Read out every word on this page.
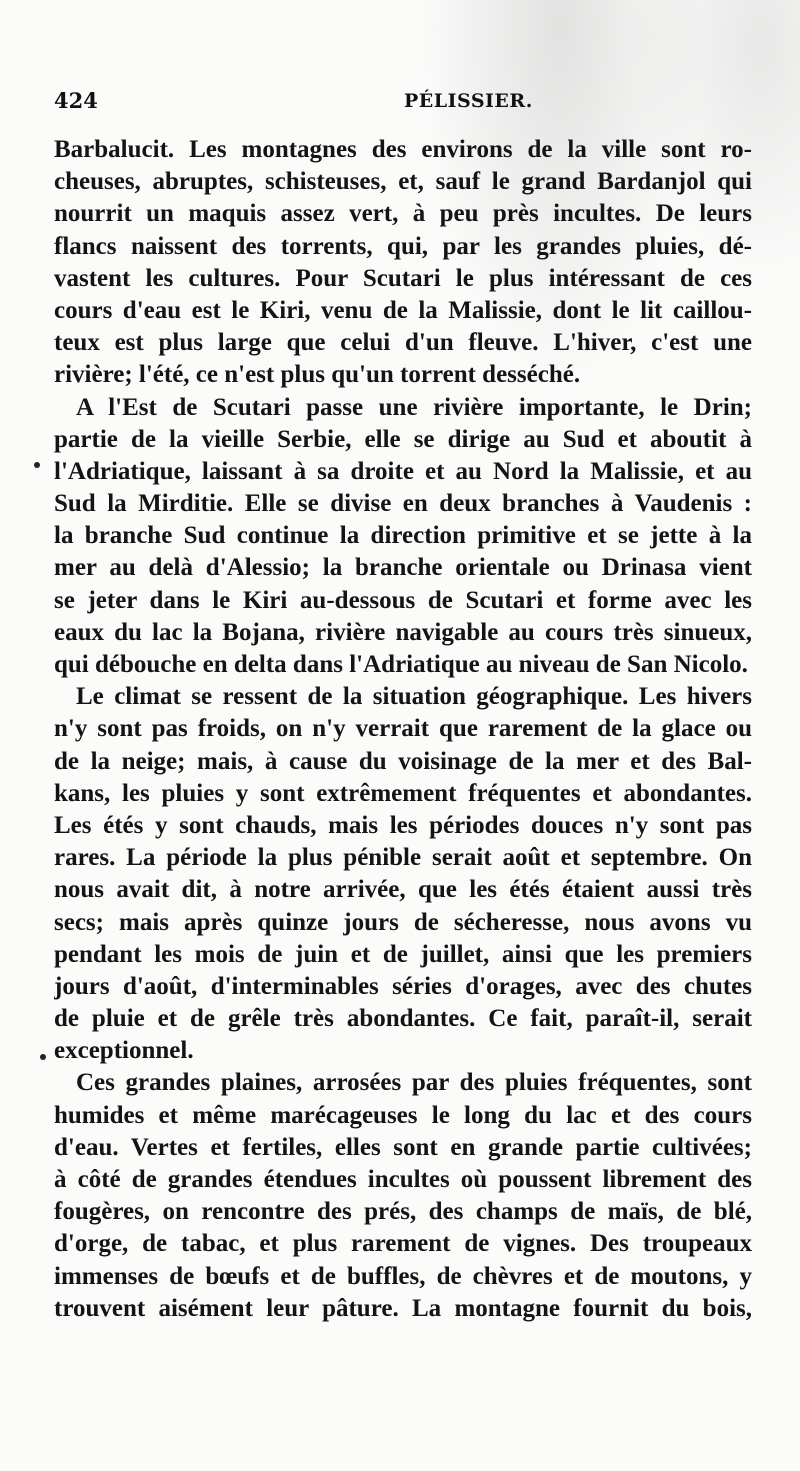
424	PÉLISSIER.
Barbalucit. Les montagnes des environs de la ville sont ro-
cheuses, abruptes, schisteuses, et, sauf le grand Bardanjol qui
nourrit un maquis assez vert, à peu près incultes. De leurs
flancs naissent des torrents, qui, par les grandes pluies, dé-
vastent les cultures. Pour Scutari le plus intéressant de ces
cours d'eau est le Kiri, venu de la Malissie, dont le lit caillou-
teux est plus large que celui d'un fleuve. L'hiver, c'est une
rivière; l'été, ce n'est plus qu'un torrent desséché.
A l'Est de Scutari passe une rivière importante, le Drin;
partie de la vieille Serbie, elle se dirige au Sud et aboutit à
l'Adriatique, laissant à sa droite et au Nord la Malissie, et au
Sud la Mirditie. Elle se divise en deux branches à Vaudenis :
la branche Sud continue la direction primitive et se jette à la
mer au delà d'Alessio; la branche orientale ou Drinasa vient
se jeter dans le Kiri au-dessous de Scutari et forme avec les
eaux du lac la Bojana, rivière navigable au cours très sinueux,
qui débouche en delta dans l'Adriatique au niveau de San Nicolo.
Le climat se ressent de la situation géographique. Les hivers
n'y sont pas froids, on n'y verrait que rarement de la glace ou
de la neige; mais, à cause du voisinage de la mer et des Bal-
kans, les pluies y sont extrêmement fréquentes et abondantes.
Les étés y sont chauds, mais les périodes douces n'y sont pas
rares. La période la plus pénible serait août et septembre. On
nous avait dit, à notre arrivée, que les étés étaient aussi très
secs; mais après quinze jours de sécheresse, nous avons vu
pendant les mois de juin et de juillet, ainsi que les premiers
jours d'août, d'interminables séries d'orages, avec des chutes
de pluie et de grêle très abondantes. Ce fait, paraît-il, serait
exceptionnel.
Ces grandes plaines, arrosées par des pluies fréquentes, sont
humides et même marécageuses le long du lac et des cours
d'eau. Vertes et fertiles, elles sont en grande partie cultivées;
à côté de grandes étendues incultes où poussent librement des
fougères, on rencontre des prés, des champs de maïs, de blé,
d'orge, de tabac, et plus rarement de vignes. Des troupeaux
immenses de bœufs et de buffles, de chèvres et de moutons, y
trouvent aisément leur pâture. La montagne fournit du bois,
